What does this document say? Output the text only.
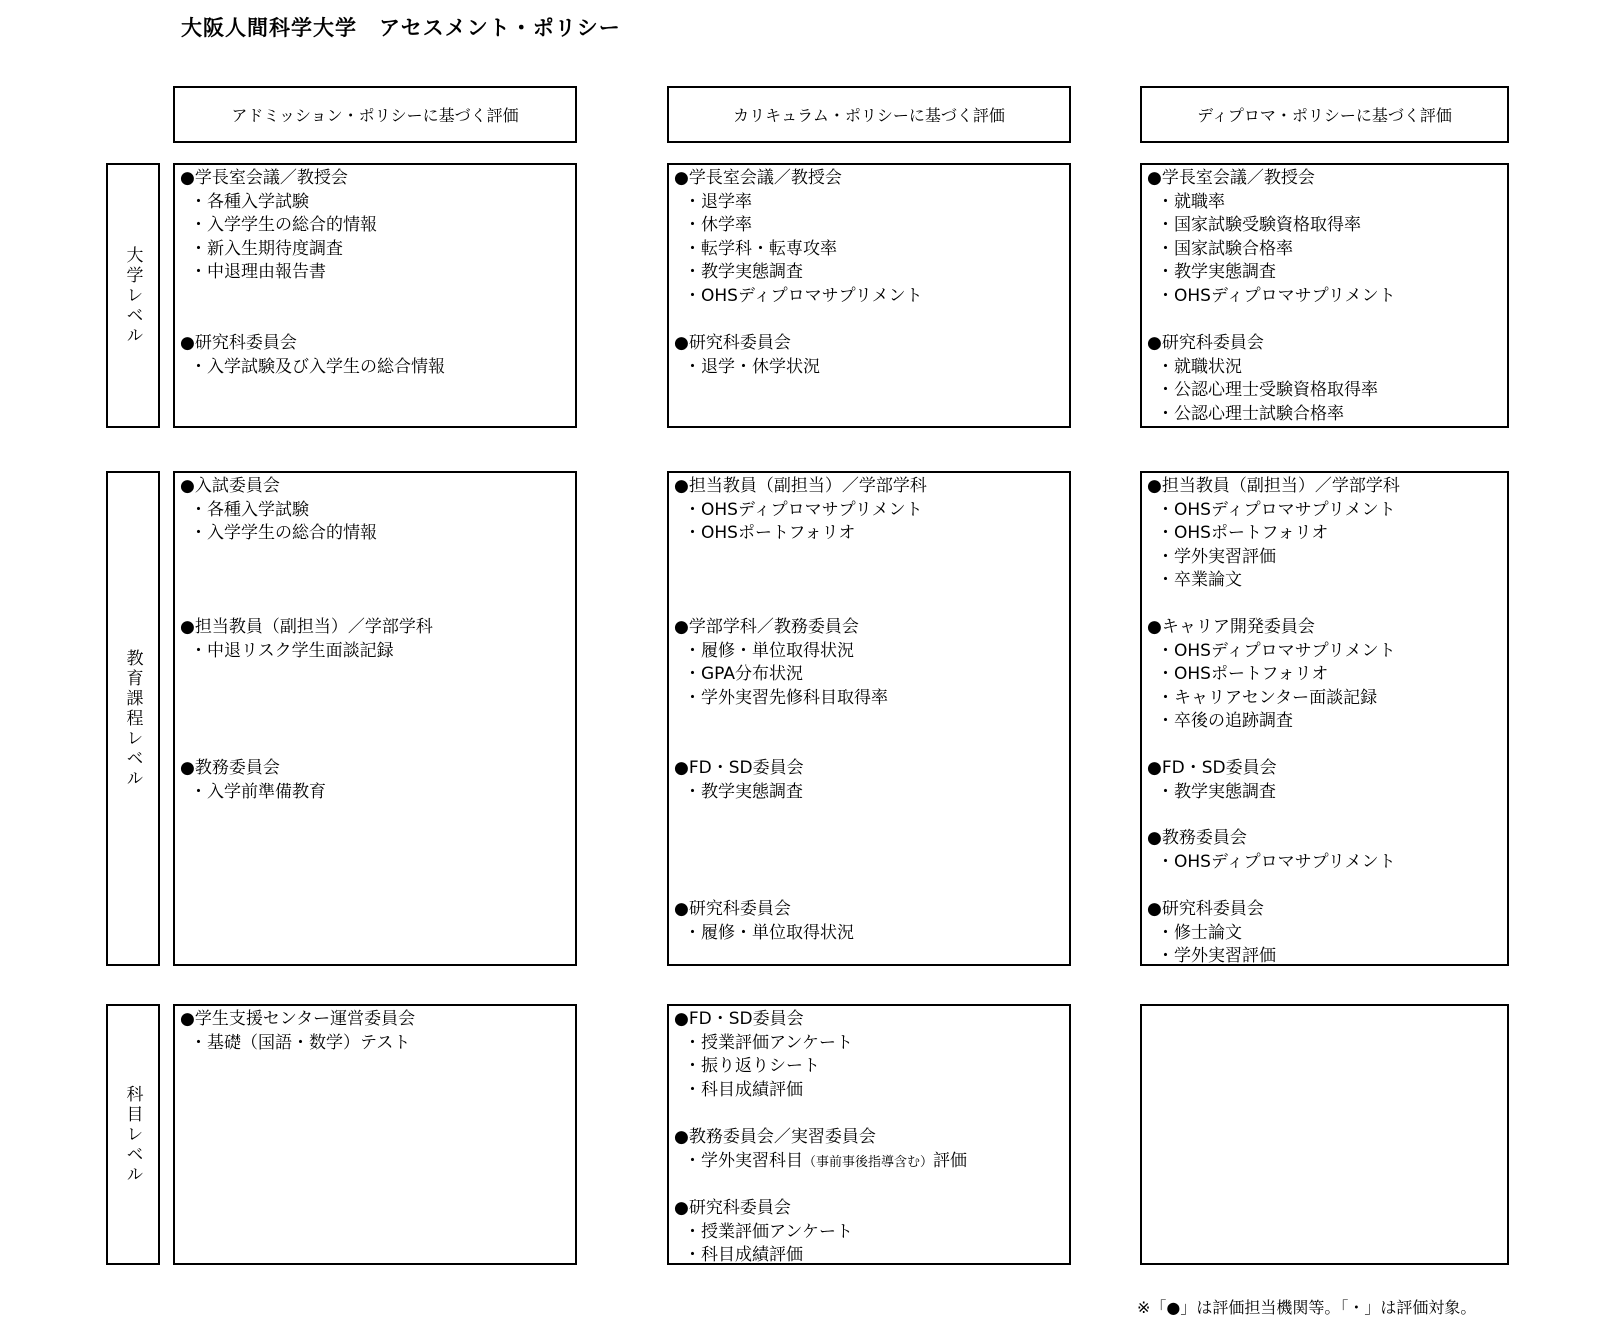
大阪人間科学大学　アセスメント・ポリシー
アドミッション・ポリシーに基づく評価	カリキュラム・ポリシーに基づく評価	ディプロマ・ポリシーに基づく評価
大学レベル
教育課程レベル
科目レベル
● 学長室会議／教授会
・ 各種入学試験
・ 入学学生の総合的情報
・ 新入生期待度調査
・ 中退理由報告書
● 研究科委員会
・ 入学試験及び入学生の総合情報
● 学長室会議／教授会
・ 退学率
・ 休学率
・ 転学科・転専攻率
・ 教学実態調査
・ OHSディプロマサプリメント
● 研究科委員会
・ 退学・休学状況
● 学長室会議／教授会
・ 就職率
・ 国家試験受験資格取得率
・ 国家試験合格率
・ 教学実態調査
・ OHSディプロマサプリメント
● 研究科委員会
・ 就職状況
・ 公認心理士受験資格取得率
・ 公認心理士試験合格率
● 入試委員会
・ 各種入学試験
・ 入学学生の総合的情報
● 担当教員（副担当）／学部学科
・ 中退リスク学生面談記録
● 教務委員会
・ 入学前準備教育
● 担当教員（副担当）／学部学科
・ OHSディプロマサプリメント
・ OHSポートフォリオ
● 学部学科／教務委員会
・ 履修・単位取得状況
・ GPA分布状況
・ 学外実習先修科目取得率
● FD・SD委員会
・ 教学実態調査
● 研究科委員会
・ 履修・単位取得状況
● 担当教員（副担当）／学部学科
・ OHSディプロマサプリメント
・ OHSポートフォリオ
・ 学外実習評価
・ 卒業論文
● キャリア開発委員会
・ OHSディプロマサプリメント
・ OHSポートフォリオ
・ キャリアセンター面談記録
・ 卒後の追跡調査
● FD・SD委員会
・ 教学実態調査
● 教務委員会
・ OHSディプロマサプリメント
● 研究科委員会
・ 修士論文
・ 学外実習評価
● 学生支援センター運営委員会
・ 基礎（国語・数学）テスト
● FD・SD委員会
・ 授業評価アンケート
・ 振り返りシート
・ 科目成績評価
● 教務委員会／実習委員会
・ 学外実習科目（事前事後指導含む）評価
● 研究科委員会
・ 授業評価アンケート
・ 科目成績評価
※「●」は評価担当機関等。「・」は評価対象。
